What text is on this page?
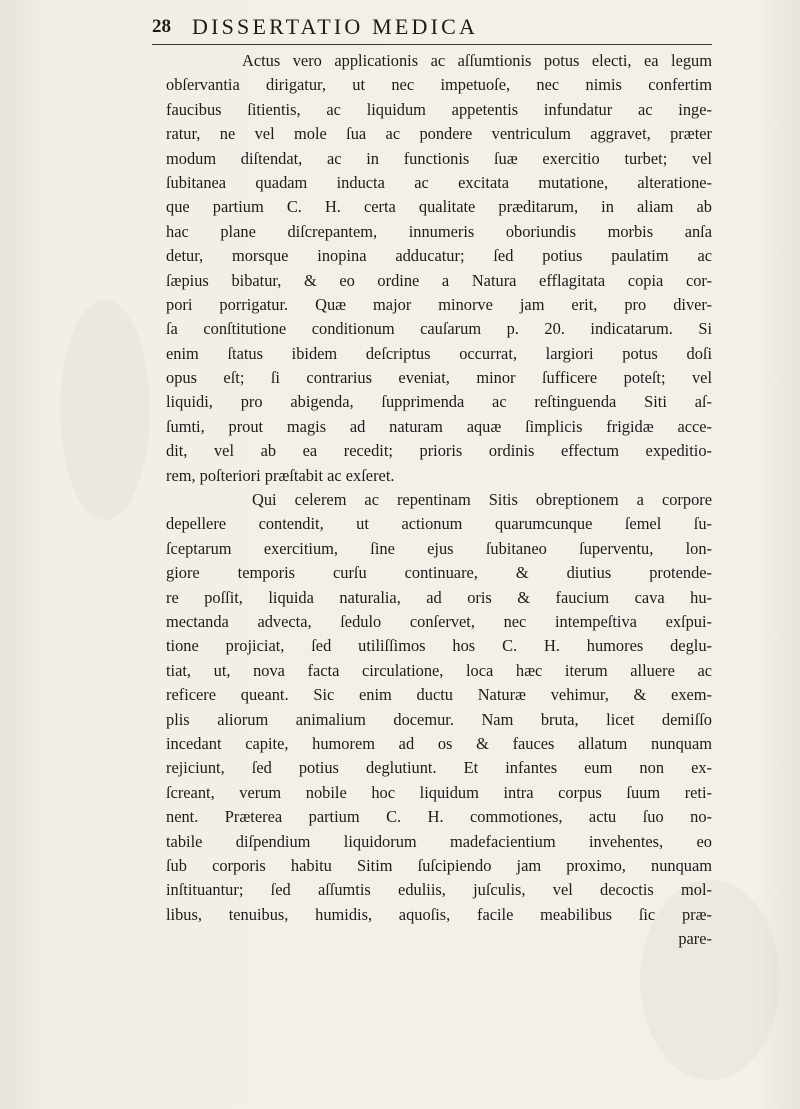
28 DISSERTATIO MEDICA
Actus vero applicationis ac aſſumtionis potus electi, ea legum
obſervantia dirigatur, ut nec impetuoſe, nec nimis confertim
faucibus ſitientis, ac liquidum appetentis infundatur ac inge-
ratur, ne vel mole ſua ac pondere ventriculum aggravet, præter
modum diſtendat, ac in functionis ſuæ exercitio turbet; vel
ſubitanea quadam inducta ac excitata mutatione, alteratione-
que partium C. H. certa qualitate præditarum, in aliam ab
hac plane diſcrepantem, innumeris oboriundis morbis anſa
detur, morsque inopina adducatur; ſed potius paulatim ac
ſæpius bibatur, & eo ordine a Natura efflagitata copia cor-
pori porrigatur. Quæ major minorve jam erit, pro diver-
ſa conſtitutione conditionum cauſarum p. 20. indicatarum. Si
enim ſtatus ibidem deſcriptus occurrat, largiori potus doſi
opus eſt; ſi contrarius eveniat, minor ſufficere poteſt; vel
liquidi, pro abigenda, ſupprimenda ac reſtinguenda Siti aſ-
ſumti, prout magis ad naturam aquæ ſimplicis frigidæ acce-
dit, vel ab ea recedit; prioris ordinis effectum expeditio-
rem, poſteriori præſtabit ac exſeret.
Qui celerem ac repentinam Sitis obreptionem a corpore
depellere contendit, ut actionum quarumcunque ſemel ſu-
ſceptarum exercitium, ſine ejus ſubitaneo ſuperventu, lon-
giore temporis curſu continuare, & diutius protende-
re poſſit, liquida naturalia, ad oris & faucium cava hu-
mectanda advecta, ſedulo conſervet, nec intempeſtiva exſpui-
tione projiciat, ſed utiliſſimos hos C. H. humores deglu-
tiat, ut, nova facta circulatione, loca hæc iterum alluere ac
reficere queant. Sic enim ductu Naturæ vehimur, & exem-
plis aliorum animalium docemur. Nam bruta, licet demiſſo
incedant capite, humorem ad os & fauces allatum nunquam
rejiciunt, ſed potius deglutiunt. Et infantes eum non ex-
ſcreant, verum nobile hoc liquidum intra corpus ſuum reti-
nent. Præterea partium C. H. commotiones, actu ſuo no-
tabile diſpendium liquidorum madefacientium invehentes, eo
ſub corporis habitu Sitim ſuſcipiendo jam proximo, nunquam
inſtituantur; ſed aſſumtis eduliis, juſculis, vel decoctis mol-
libus, tenuibus, humidis, aquoſis, facile meabilibus ſic præ-
pare-
